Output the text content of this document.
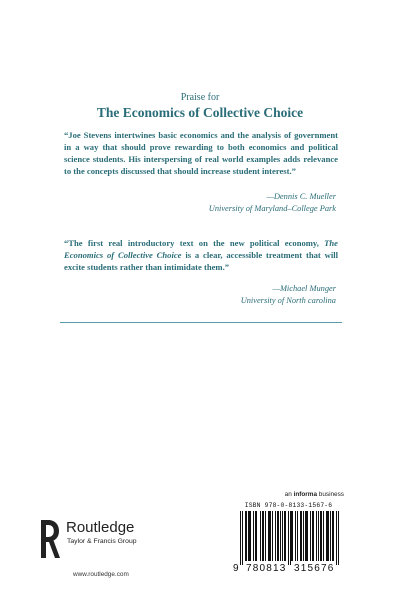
Praise for
The Economics of Collective Choice
“Joe Stevens intertwines basic economics and the analysis of government in a way that should prove rewarding to both economics and political science students. His interspersing of real world examples adds relevance to the concepts discussed that should increase student interest.”
—Dennis C. Mueller
University of Maryland–College Park
“The first real introductory text on the new political economy, The Economics of Collective Choice is a clear, accessible treatment that will excite students rather than intimidate them.”
—Michael Munger
University of North carolina
Routledge
Taylor & Francis Group
www.routledge.com
an informa business
ISBN 978-0-8133-1567-6
9 780813 315676
